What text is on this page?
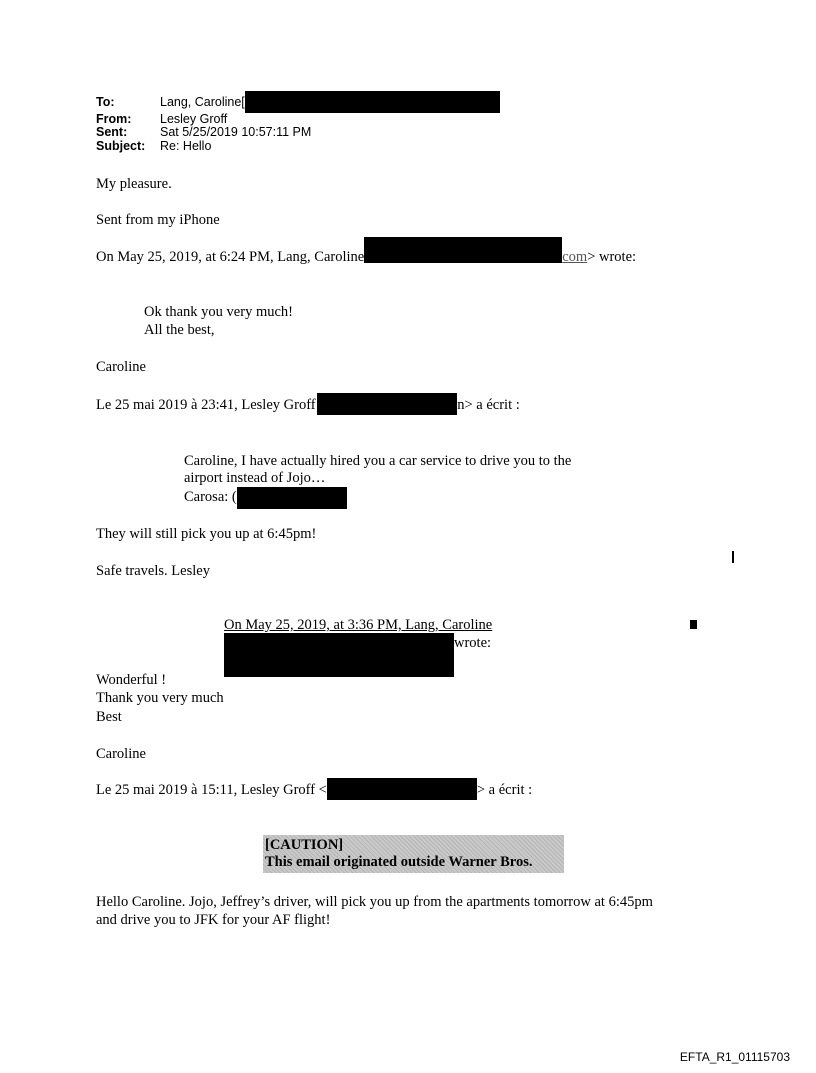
To:	Lang, Caroline[
From:	Lesley Groff
Sent:	Sat 5/25/2019 10:57:11 PM
Subject:	Re: Hello
My pleasure.
Sent from my iPhone
On May 25, 2019, at 6:24 PM, Lang, Caroline	com> wrote:
Ok thank you very much!
All the best,
Caroline
Le 25 mai 2019 à 23:41, Lesley Groff	n> a écrit :
Caroline, I have actually hired you a car service to drive you to the
airport instead of Jojo…
Carosa: (
They will still pick you up at 6:45pm!
Safe travels. Lesley
On May 25, 2019, at 3:36 PM, Lang, Caroline
wrote:
Wonderful !
Thank you very much
Best
Caroline
Le 25 mai 2019 à 15:11, Lesley Groff <	> a écrit :
[CAUTION]
This email originated outside Warner Bros.
Hello Caroline. Jojo, Jeffrey’s driver, will pick you up from the apartments tomorrow at 6:45pm
and drive you to JFK for your AF flight!
EFTA_R1_01115703
